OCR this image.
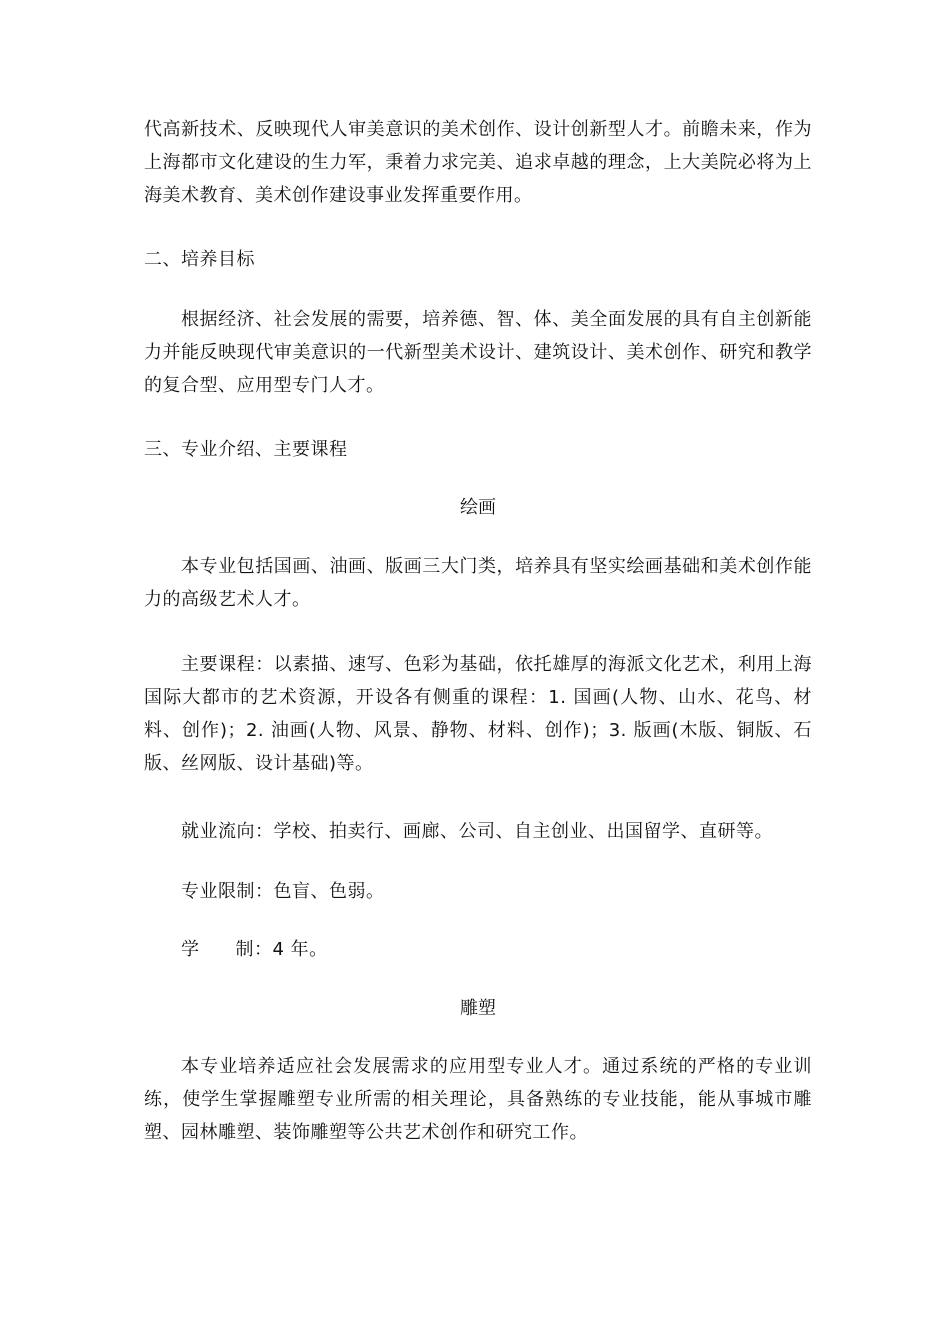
代高新技术、反映现代人审美意识的美术创作、设计创新型人才。前瞻未来，作为上海都市文化建设的生力军，秉着力求完美、追求卓越的理念，上大美院必将为上海美术教育、美术创作建设事业发挥重要作用。

二、培养目标

根据经济、社会发展的需要，培养德、智、体、美全面发展的具有自主创新能力并能反映现代审美意识的一代新型美术设计、建筑设计、美术创作、研究和教学的复合型、应用型专门人才。

三、专业介绍、主要课程

绘画

本专业包括国画、油画、版画三大门类，培养具有坚实绘画基础和美术创作能力的高级艺术人才。

主要课程：以素描、速写、色彩为基础，依托雄厚的海派文化艺术，利用上海国际大都市的艺术资源，开设各有侧重的课程：1. 国画(人物、山水、花鸟、材料、创作)；2. 油画(人物、风景、静物、材料、创作)；3. 版画(木版、铜版、石版、丝网版、设计基础)等。

就业流向：学校、拍卖行、画廊、公司、自主创业、出国留学、直研等。

专业限制：色盲、色弱。

学 制：4 年。

雕塑

本专业培养适应社会发展需求的应用型专业人才。通过系统的严格的专业训练，使学生掌握雕塑专业所需的相关理论，具备熟练的专业技能，能从事城市雕塑、园林雕塑、装饰雕塑等公共艺术创作和研究工作。
